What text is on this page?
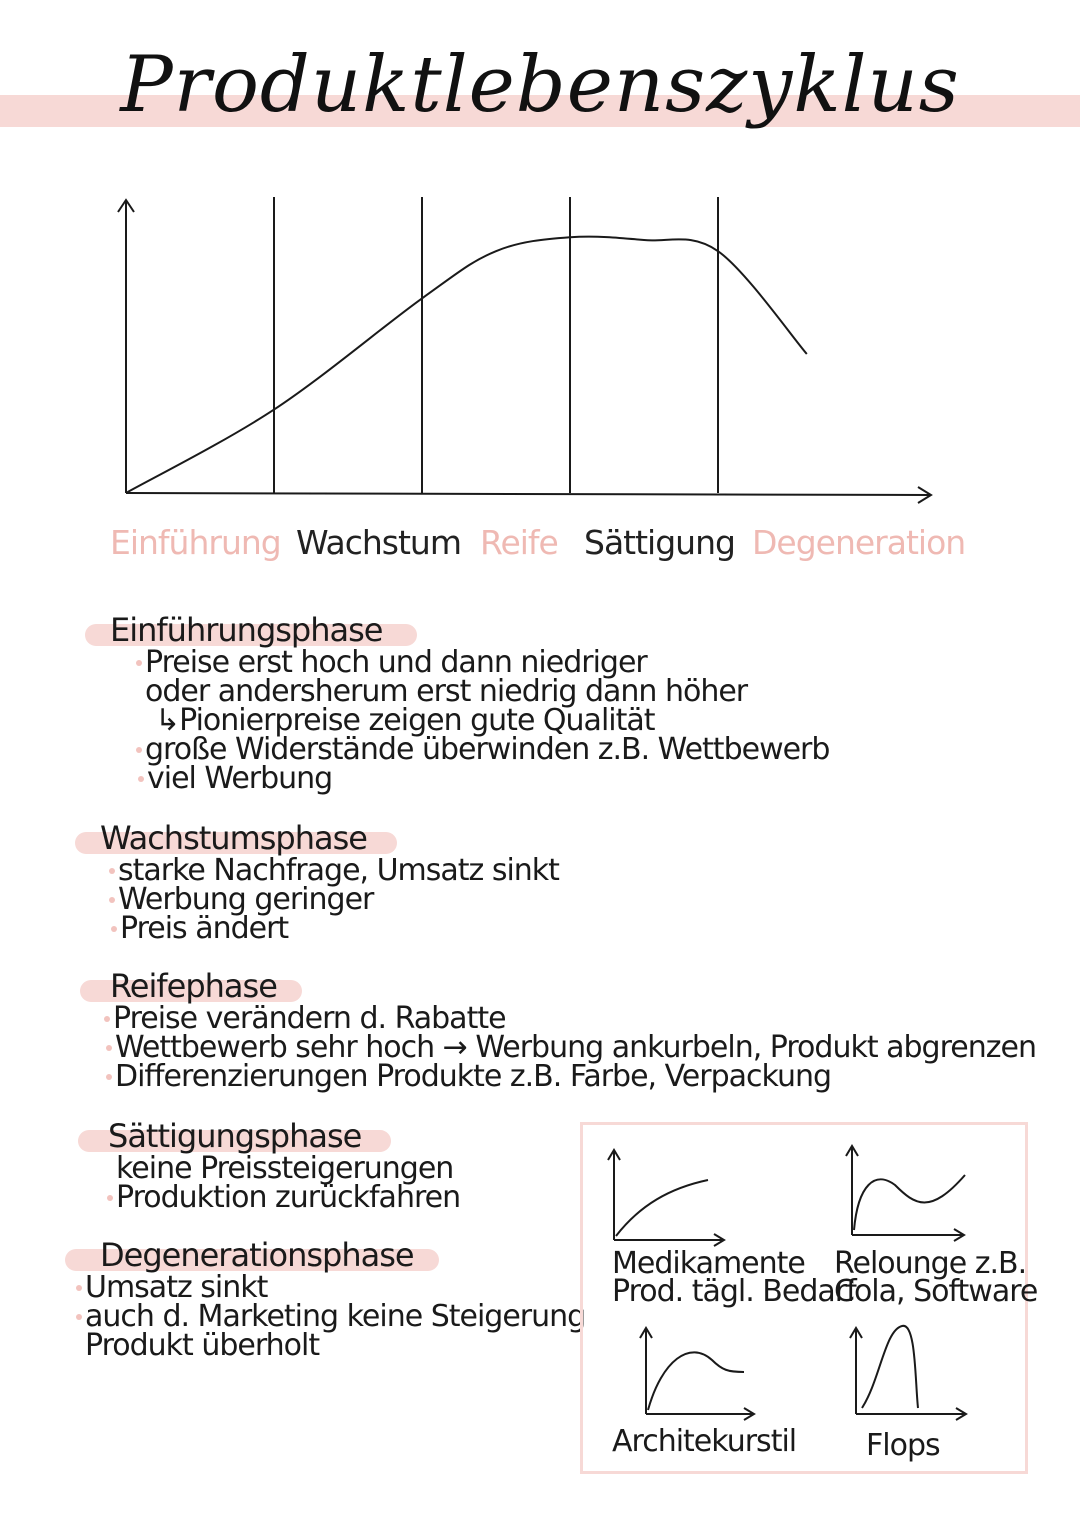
Produktlebenszyklus
Einführung Wachstum Reife Sättigung Degeneration
Einführungsphase
Preise erst hoch und dann niedriger
oder andersherum erst niedrig dann höher
↳Pionierpreise zeigen gute Qualität
große Widerstände überwinden z.B. Wettbewerb
viel Werbung
Wachstumsphase
starke Nachfrage, Umsatz sinkt
Werbung geringer
Preis ändert
Reifephase
Preise verändern d. Rabatte
Wettbewerb sehr hoch → Werbung ankurbeln, Produkt abgrenzen
Differenzierungen Produkte z.B. Farbe, Verpackung
Sättigungsphase
keine Preissteigerungen
Produktion zurückfahren
Degenerationsphase
Umsatz sinkt
auch d. Marketing keine Steigerung
Produkt überholt
Medikamente
Prod. tägl. Bedarf
Relounge z.B.
Cola, Software
Architekurstil Flops
